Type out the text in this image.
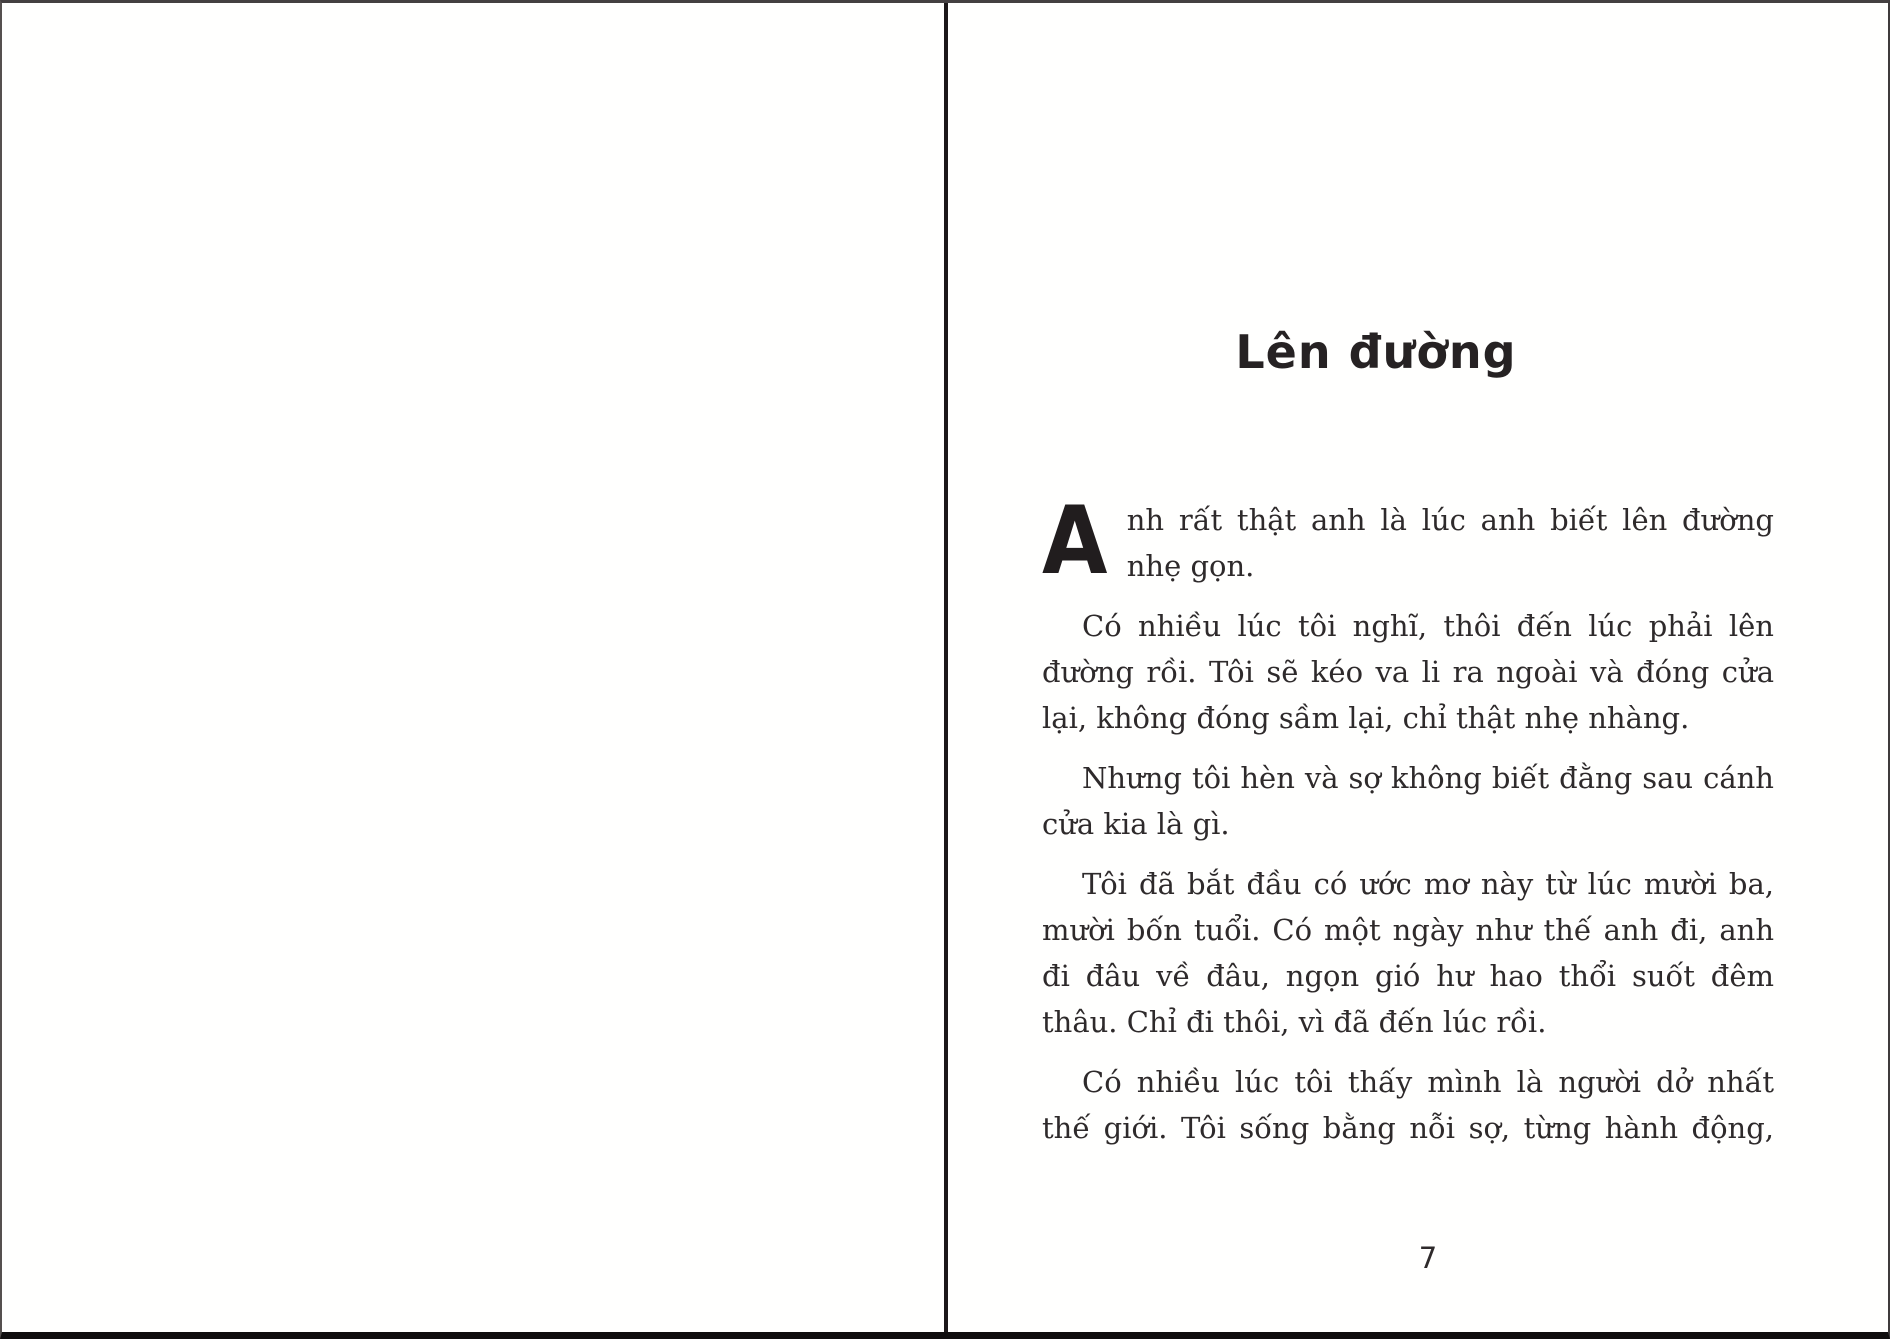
Lên đường

Anh rất thật anh là lúc anh biết lên đường nhẹ gọn.

Có nhiều lúc tôi nghĩ, thôi đến lúc phải lên đường rồi. Tôi sẽ kéo va li ra ngoài và đóng cửa lại, không đóng sầm lại, chỉ thật nhẹ nhàng.

Nhưng tôi hèn và sợ không biết đằng sau cánh cửa kia là gì.

Tôi đã bắt đầu có ước mơ này từ lúc mười ba, mười bốn tuổi. Có một ngày như thế anh đi, anh đi đâu về đâu, ngọn gió hư hao thổi suốt đêm thâu. Chỉ đi thôi, vì đã đến lúc rồi.

Có nhiều lúc tôi thấy mình là người dở nhất thế giới. Tôi sống bằng nỗi sợ, từng hành động,

7
